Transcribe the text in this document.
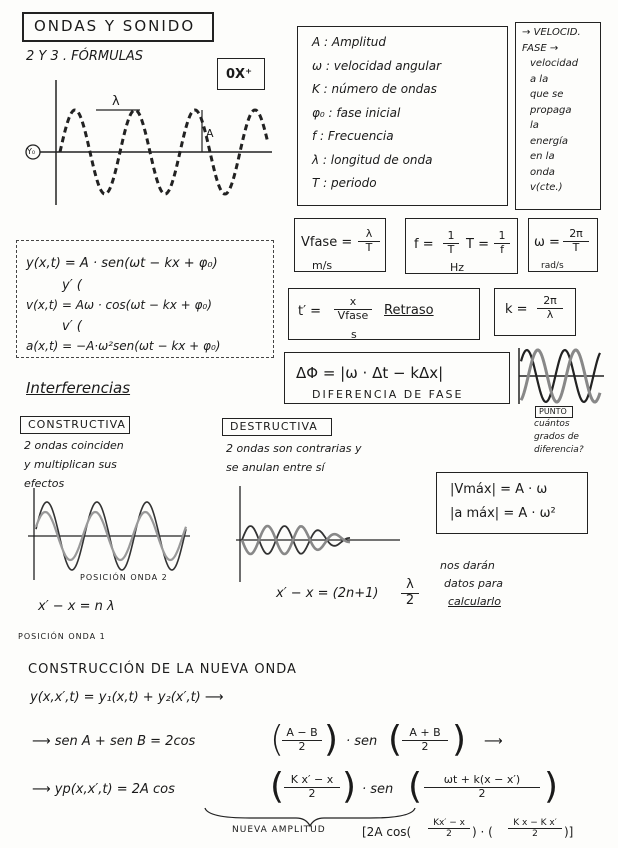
ONDAS Y SONIDO
2 Y 3 . FÓRMULAS
0X⁺
λ
A
Y₀
A : Amplitud
ω : velocidad angular
K : número de ondas
φ₀ : fase inicial
f : Frecuencia
λ : longitud de onda
T : periodo
→ VELOCID.
FASE →
velocidad
a la
que se
propaga
la
energía
en la
onda
v(cte.)
Vfase = $\frac{\lambda}{T}$
m/s
$f = \frac{1}{T}$ $T = \frac{1}{f}$
Hz
$\omega = \frac{2\pi}{T}$
rad/s
y(x,t) = A · sen(ωt − kx + φ₀)
y′ (
v(x,t) = Aω · cos(ωt − kx + φ₀)
v′ (
a(x,t) = −A·ω²sen(ωt − kx + φ₀)
t′ =
x
Vfase
s
Retraso	$k = \frac{2\pi}{\lambda}$
ΔΦ = |ω · Δt − kΔx|
DIFERENCIA DE FASE
PUNTO
cuántos
grados de
diferencia?
Interferencias
CONSTRUCTIVA
2 ondas coinciden
y multiplican sus
efectos
DESTRUCTIVA
2 ondas son contrarias y
se anulan entre sí
POSICIÓN ONDA 2
x′ − x = n λ
POSICIÓN ONDA 1
$x' - x = (2n+1) \frac{\lambda}{2}$
nos darán
datos para
calcularlo
|Vmáx| = A · ω
|a máx| = A · ω²
CONSTRUCCIÓN DE LA NUEVA ONDA
y(x,x′,t) = y₁(x,t) + y₂(x′,t) ⟶
⟶ sen A + sen B = 2cos (
$\frac{A - B}{2}$ ) · sen ( $\frac{A + B}{2}$ ) ⟶
⟶ yp(x,x′,t) = 2A cos	( $\frac{\text{K x′ − x}}{2}$ ) · sen ( $\frac{\omega t + k(x - x')}{2}$ )
NUEVA AMPLITUD	[2A $\cos( \frac{Kx' - x}{2}$ ) · ( $\frac{\text{K x − K x′}}{2}$ )]
